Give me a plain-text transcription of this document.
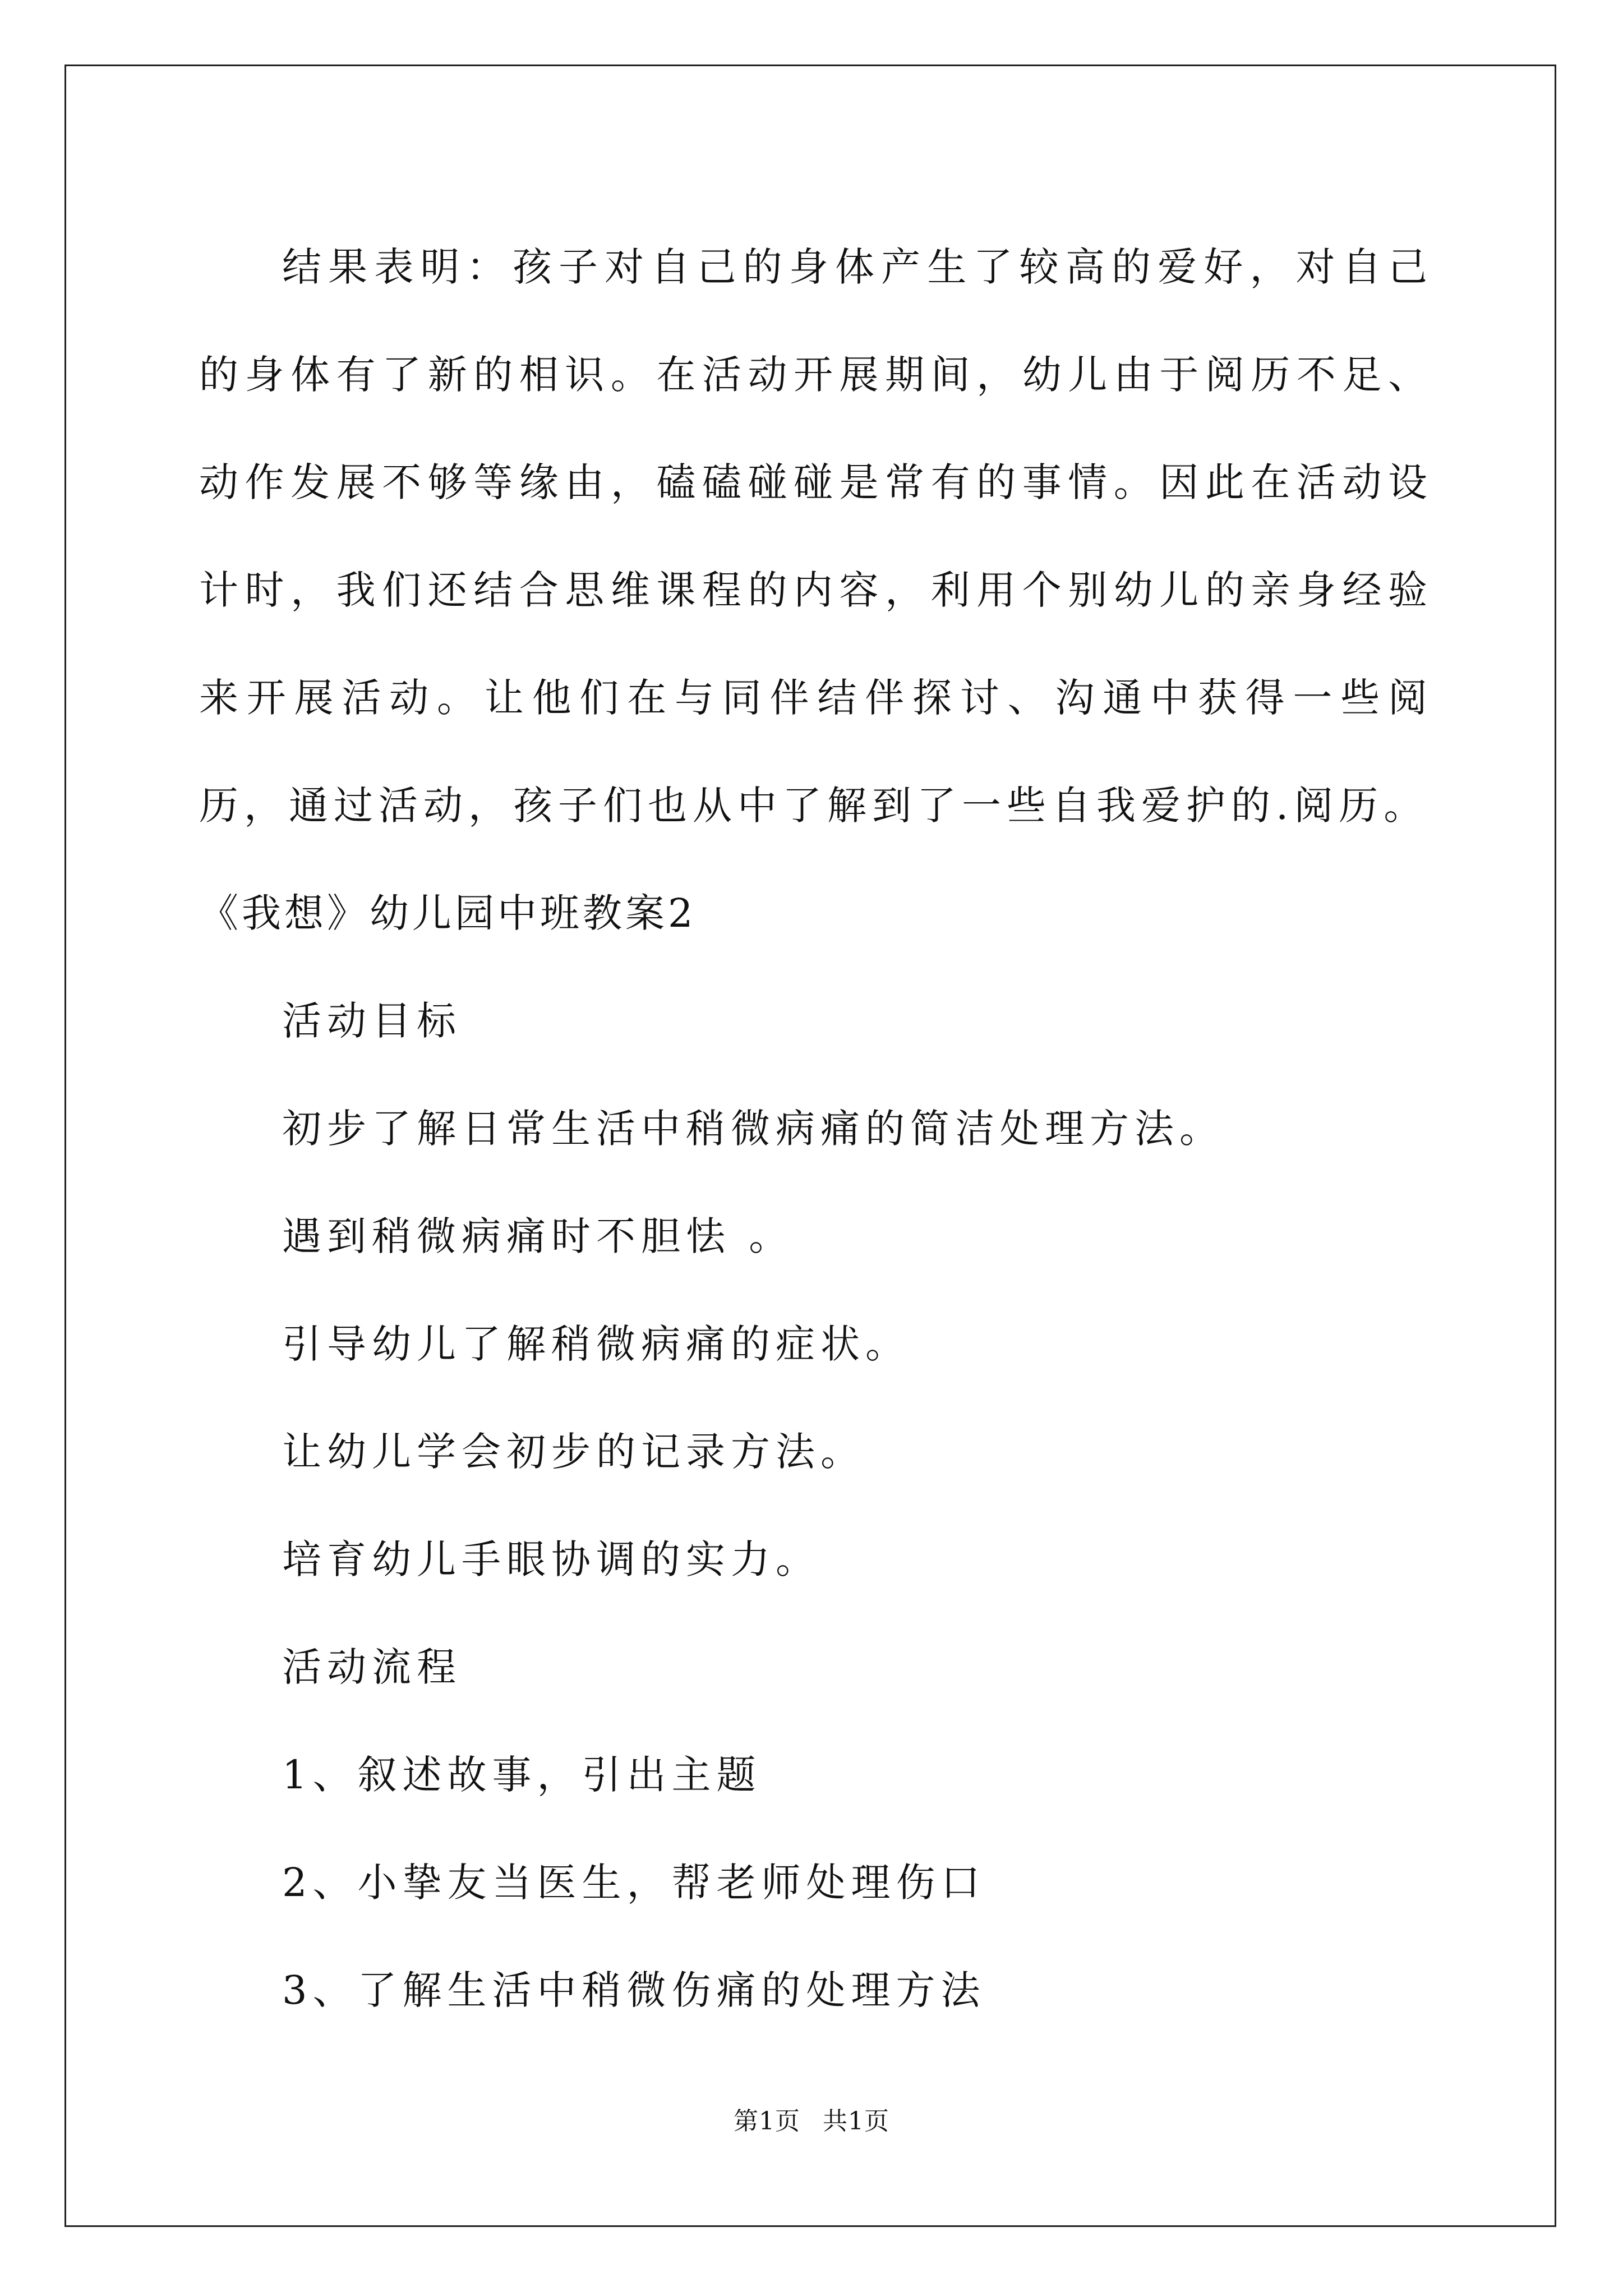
结果表明：孩子对自己的身体产生了较高的爱好，对自己的身体有了新的相识。在活动开展期间，幼儿由于阅历不足、动作发展不够等缘由，磕磕碰碰是常有的事情。因此在活动设计时，我们还结合思维课程的内容，利用个别幼儿的亲身经验来开展活动。让他们在与同伴结伴探讨、沟通中获得一些阅历，通过活动，孩子们也从中了解到了一些自我爱护的.阅历。

《我想》幼儿园中班教案2

活动目标

初步了解日常生活中稍微病痛的简洁处理方法。

遇到稍微病痛时不胆怯 。

引导幼儿了解稍微病痛的症状。

让幼儿学会初步的记录方法。

培育幼儿手眼协调的实力。

活动流程

1、叙述故事，引出主题

2、小挚友当医生，帮老师处理伤口

3、了解生活中稍微伤痛的处理方法

第1页 共1页
